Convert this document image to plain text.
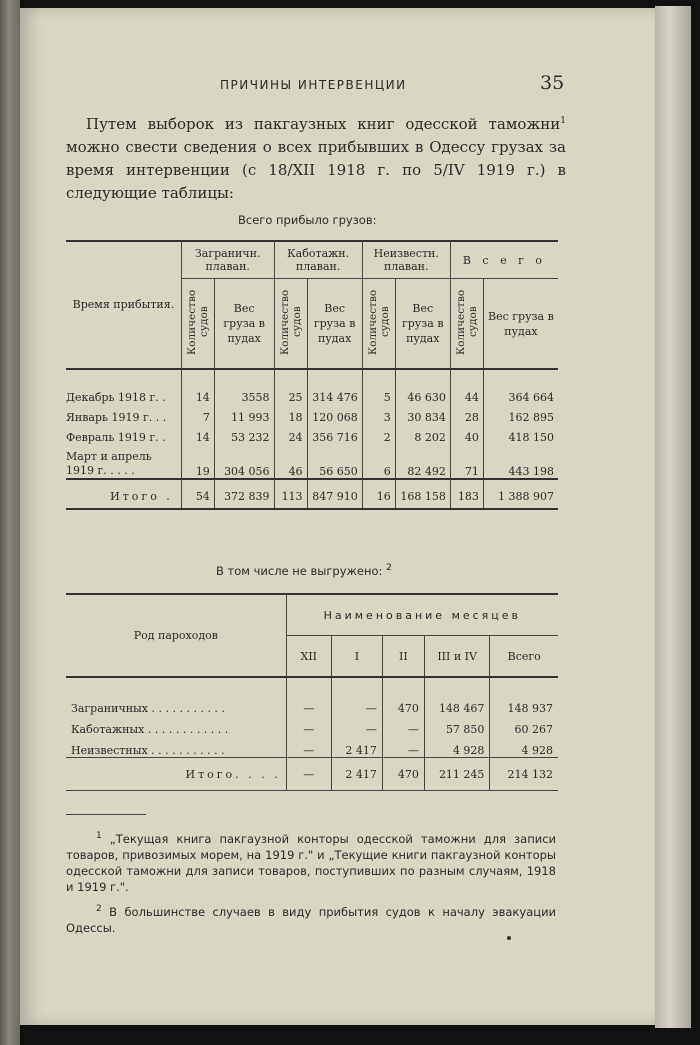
ПРИЧИНЫ ИНТЕРВЕНЦИИ	35

Путем выборок из пакгаузных книг одесской таможни$^1$ можно свести сведения о всех прибывших в Одессу грузах за время интервенции (с 18/XII 1918 г. по 5/IV 1919 г.) в следующие таблицы:

Всего прибыло грузов:
Время прибытия.	Заграничн. плаван.		Каботажн. плаван.		Неизвестн. плаван.		В с е г о	
	Количество судов	Вес груза в пудах	Количество судов	Вес груза в пудах	Количество судов	Вес груза в пудах	Количество судов	Вес груза в пудах
Декабрь 1918 г. .	14	3558	25	314 476	5	46 630	44	364 664
Январь 1919 г. . .	7	11 993	18	120 068	3	30 834	28	162 895
Февраль 1919 г. .	14	53 232	24	356 716	2	8 202	40	418 150
Март и апрель 1919 г. . . . .	19	304 056	46	56 650	6	82 492	71	443 198
Итого .	54	372 839	113	847 910	16	168 158	183	1 388 907
В том числе не выгружено: $^2$
Род пароходов	Наименование месяцев				
	XII	I	II	III и IV	Всего
Заграничных . . . . . . . . . . .	—	—	470	148 467	148 937
Каботажных . . . . . . . . . . . .	—	—	—	57 850	60 267
Неизвестных . . . . . . . . . . .	—	2 417	—	4 928	4 928
Итого. . . .	—	2 417	470	211 245	214 132

$^1$ „Текущая книга пакгаузной конторы одесской таможни для записи товаров, привозимых морем, на 1919 г." и „Текущие книги пакгаузной конторы одесской таможни для записи товаров, поступивших по разным случаям, 1918 и 1919 г.".

$^2$ В большинстве случаев в виду прибытия судов к началу эвакуации Одессы.
